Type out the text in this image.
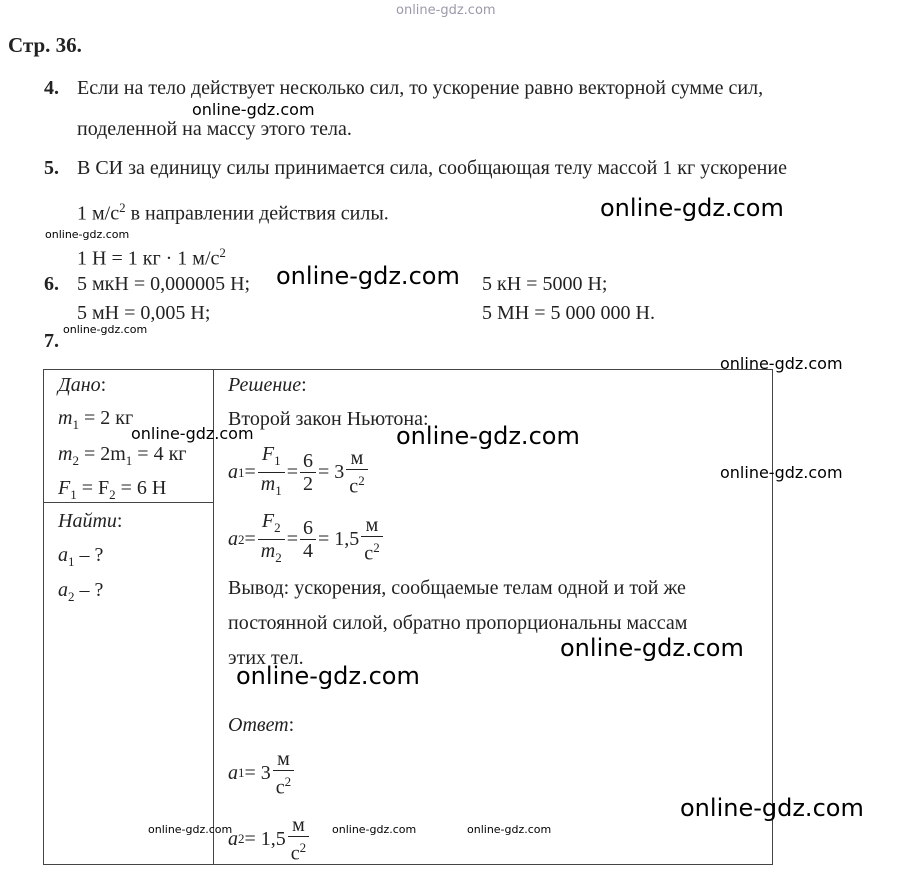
online-gdz.com
Стр. 36.
4. Если на тело действует несколько сил, то ускорение равно векторной сумме сил,
поделенной на массу этого тела.
5. В СИ за единицу силы принимается сила, сообщающая телу массой 1 кг ускорение
1 $м/с^2$ в направлении действия силы.
1 Н = 1 кг · 1 $м/с^2$
6. 5 мкН = 0,000005 Н;	5 кН = 5000 Н;
5 мН = 0,005 Н;	5 МН = 5 000 000 Н.
7.
Дано:
$m_1 = 2$ кг
$m_2 = 2m_1 = 4$ кг
$F_1 = F_2 = 6$ Н
Найти:
$a_1$ – ?
$a_2$ – ?
Решение:
Второй закон Ньютона:
a $1 = \frac{F_1}{m_1} = \frac{6}{2} = 3 \frac{м}{с^2}$
a $2 = \frac{F_2}{m_2} = \frac{6}{4} = 1,5 \frac{м}{с^2}$
Вывод: ускорения, сообщаемые телам одной и той же
постоянной силой, обратно пропорциональны массам
этих тел.
Ответ:
a $1 = 3 \frac{м}{с^2}$
a $2 = 1,5 \frac{м}{с^2}$
online-gdz.com
online-gdz.com
online-gdz.com
online-gdz.com
online-gdz.com
online-gdz.com
online-gdz.com	online-gdz.com
online-gdz.com
online-gdz.com
online-gdz.com
online-gdz.com
online-gdz.com	online-gdz.com	online-gdz.com
